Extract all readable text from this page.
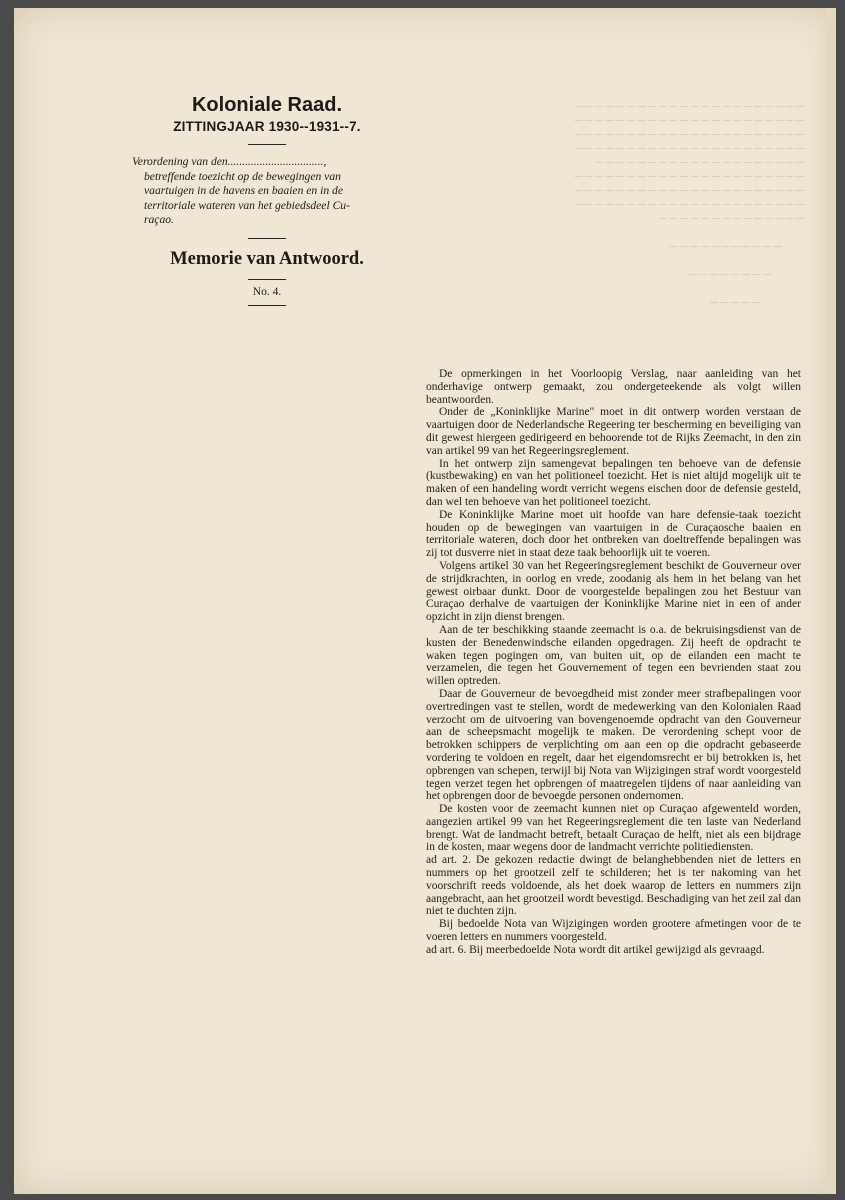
─ ─ ─ ─ ─ ─ ─ ─ ─ ─ ─ ─ ─ ─ ─ ─ ─ ─ ─ ─ ─ ─
─ ─ ─ ─ ─ ─ ─ ─ ─ ─ ─ ─ ─ ─ ─ ─ ─ ─ ─ ─ ─ ─
─ ─ ─ ─ ─ ─ ─ ─ ─ ─ ─ ─ ─ ─ ─ ─ ─ ─ ─ ─ ─ ─
─ ─ ─ ─ ─ ─ ─ ─ ─ ─ ─ ─ ─ ─ ─ ─ ─ ─ ─ ─ ─ ─
─ ─ ─ ─ ─ ─ ─ ─ ─ ─ ─ ─ ─ ─ ─ ─ ─ ─ ─ ─
─ ─ ─ ─ ─ ─ ─ ─ ─ ─ ─ ─ ─ ─ ─ ─ ─ ─ ─ ─ ─ ─
─ ─ ─ ─ ─ ─ ─ ─ ─ ─ ─ ─ ─ ─ ─ ─ ─ ─ ─ ─ ─ ─
─ ─ ─ ─ ─ ─ ─ ─ ─ ─ ─ ─ ─ ─ ─ ─ ─ ─ ─ ─ ─ ─
─ ─ ─ ─ ─ ─ ─ ─ ─ ─ ─ ─ ─ ─

─ ─ ─ ─ ─ ─ ─ ─ ─ ─ ─

─ ─ ─ ─ ─ ─ ─ ─

─ ─ ─ ─ ─
Koloniale Raad.
ZITTINGJAAR 1930--1931--7.
Verordening van den.................................,
betreffende toezicht op de bewegingen van
vaartuigen in de havens en baaien en in de
territoriale wateren van het gebiedsdeel Cu-
raçao.
Memorie van Antwoord.
No. 4.

De opmerkingen in het Voorloopig Verslag, naar aanleiding van het onderhavige ontwerp gemaakt, zou ondergeteekende als volgt willen beantwoorden.

Onder de „Koninklijke Marine" moet in dit ontwerp worden verstaan de vaartuigen door de Nederlandsche Regeering ter bescherming en beveiliging van dit gewest hiergeen gedirigeerd en behoorende tot de Rijks Zeemacht, in den zin van artikel 99 van het Regeeringsreglement.

In het ontwerp zijn samengevat bepalingen ten behoeve van de defensie (kustbewaking) en van het politioneel toezicht. Het is niet altijd mogelijk uit te maken of een handeling wordt verricht wegens eischen door de defensie gesteld, dan wel ten behoeve van het politioneel toezicht.

De Koninklijke Marine moet uit hoofde van hare defensie-taak toezicht houden op de bewegingen van vaartuigen in de Curaçaosche baaien en territoriale wateren, doch door het ontbreken van doeltreffende bepalingen was zij tot dusverre niet in staat deze taak behoorlijk uit te voeren.

Volgens artikel 30 van het Regeeringsreglement beschikt de Gouverneur over de strijdkrachten, in oorlog en vrede, zoodanig als hem in het belang van het gewest oirbaar dunkt. Door de voorgestelde bepalingen zou het Bestuur van Curaçao derhalve de vaartuigen der Koninklijke Marine niet in een of ander opzicht in zijn dienst brengen.

Aan de ter beschikking staande zeemacht is o.a. de bekruisingsdienst van de kusten der Benedenwindsche eilanden opgedragen. Zij heeft de opdracht te waken tegen pogingen om, van buiten uit, op de eilanden een macht te verzamelen, die tegen het Gouvernement of tegen een bevrienden staat zou willen optreden.

Daar de Gouverneur de bevoegdheid mist zonder meer strafbepalingen voor overtredingen vast te stellen, wordt de medewerking van den Kolonialen Raad verzocht om de uitvoering van bovengenoemde opdracht van den Gouverneur aan de scheepsmacht mogelijk te maken. De verordening schept voor de betrokken schippers de verplichting om aan een op die opdracht gebaseerde vordering te voldoen en regelt, daar het eigendomsrecht er bij betrokken is, het opbrengen van schepen, terwijl bij Nota van Wijzigingen straf wordt voorgesteld tegen verzet tegen het opbrengen of maatregelen tijdens of naar aanleiding van het opbrengen door de bevoegde personen ondernomen.

De kosten voor de zeemacht kunnen niet op Curaçao afgewenteld worden, aangezien artikel 99 van het Regeeringsreglement die ten laste van Nederland brengt. Wat de landmacht betreft, betaalt Curaçao de helft, niet als een bijdrage in de kosten, maar wegens door de landmacht verrichte politiediensten.

ad art. 2. De gekozen redactie dwingt de belanghebbenden niet de letters en nummers op het grootzeil zelf te schilderen; het is ter nakoming van het voorschrift reeds voldoende, als het doek waarop de letters en nummers zijn aangebracht, aan het grootzeil wordt bevestigd. Beschadiging van het zeil zal dan niet te duchten zijn.

Bij bedoelde Nota van Wijzigingen worden grootere afmetingen voor de te voeren letters en nummers voorgesteld.

ad art. 6. Bij meerbedoelde Nota wordt dit artikel gewijzigd als gevraagd.
